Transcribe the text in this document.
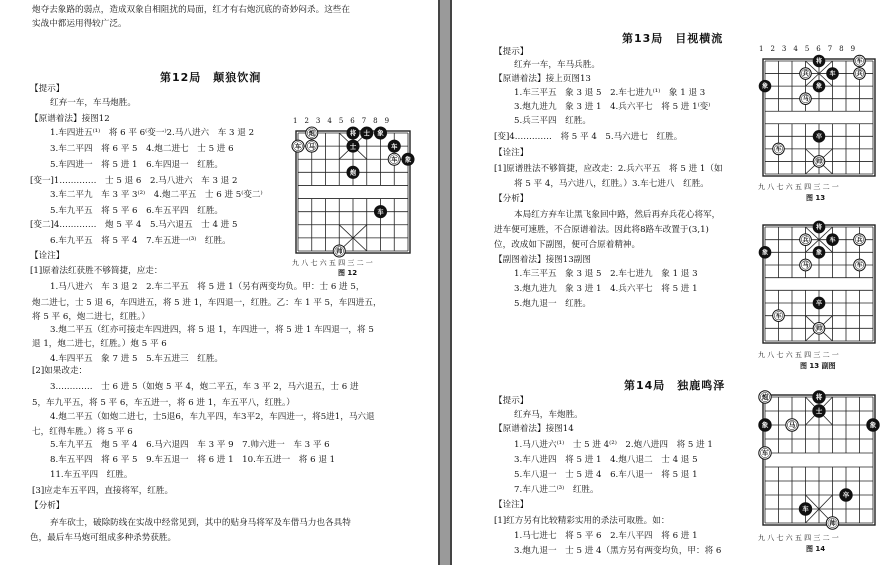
炮夺去象路的弱点，造成双象自相阻扰的局面，红才有右炮沉底的奇妙闷杀。这些在
实战中都运用得较广泛。
第12局　颠狼饮涧
【提示】
红弃一车，车马炮胜。
【原谱着法】接图12
1.车四进五⁽¹⁾　将 6 平 6⁽变一⁾2.马八进六　车 3 退 2
3.车二平四　将 6 平 5　4.炮二进七　士 5 进 6
5.车四进一　将 5 进 1　6.车四退一　红胜。
[变一]1.…………　士 5 退 6　2.马八进六　车 3 退 2
3.车二平九　车 3 平 3⁽²⁾　4.炮二平五　士 6 进 5⁽变二⁾
5.车九平五　将 5 平 6　6.车五平四　红胜。
[变二]4.…………　炮 5 平 4　5.马六退五　士 4 进 5
6.车九平五　将 5 平 4　7.车五进一⁽³⁾　红胜。
【诠注】
[1]原着法红获胜不够简捷，应走：
1.马八进六　车 3 退 2　2.车二平五　将 5 进 1（另有两变均负。甲：士 6 进 5，
炮二进七，士 5 退 6，车四进五，将 5 进 1，车四退一，红胜。乙：车 1 平 5，车四进五，
将 5 平 6，炮二进七，红胜。）
3.炮二平五（红亦可接走车四进四，将 5 退 1，车四进一，将 5 进 1 车四退一，将 5
退 1，炮二进七，红胜。）炮 5 平 6
4.车四平五　象 7 进 5　5.车五进三　红胜。
[2]如果改走：
3.…………　士 6 进 5（如炮 5 平 4，炮二平五，车 3 平 2，马六退五，士 6 进
5，车九平五，将 5 平 6，车五进一，将 6 进 1，车五平八，红胜。）
4.炮二平五（如炮二进七，士5退6，车九平四，车3平2，车四进一，将5进1，马六退
七，红得车胜。）将 5 平 6
5.车九平五　炮 5 平 4　6.马六退四　车 3 平 9　7.帅六进一　车 3 平 6
8.车五平四　将 6 平 5　9.车五退一　将 6 进 1　10.车五进一　将 6 退 1
11.车五平四　红胜。
[3]应走车五平四，直接将军，红胜。
【分析】
弃车砍士，破除防线在实战中经常见到，其中的贴身马将军及车借马力也各具特
色，最后车马炮可组成多种杀势获胜。
1　2　3　4　5　6　7　8　9
炮	将 士 象
车 马	士	车
车
炮
象
车
帅
九 八 七 六 五 四 三 二 一
图 12
第13局　目视横流
【提示】
红弃一车，车马兵胜。
【原谱着法】接上页图13
1.车三平五　象 3 退 5　2.车七进九⁽¹⁾　象 1 退 3
3.炮九进九　象 3 进 1　4.兵六平七　将 5 进 1⁽变⁾
5.兵三平四　红胜。
[变]4.…………　将 5 平 4　5.马六进七　红胜。
【诠注】
[1]原谱胜法不够简捷，应改走：2.兵六平五　将 5 进 1（如
将 5 平 4，马六进八，红胜。）3.车七进八　红胜。
【分析】
本局红方弃车让黑飞象回中路，然后再弃兵花心将军，
进车便可速胜，不合原谱着法。因此将8路车改置于(3,1)
位，改成如下副图，便可合原着精神。
【副图着法】接图13副图
1.车三平五　象 3 退 5　2.车七进九　象 1 退 3
3.炮九进九　象 3 进 1　4.兵六平七　将 5 进 1
5.炮九退一　红胜。
第14局　独鹿鸣泽
【提示】
红弃马，车炮胜。
【原谱着法】接图14
1.马八进六⁽¹⁾　士 5 进 4⁽²⁾　2.炮八进四　将 5 进 1
3.车八进四　将 5 进 1　4.炮八退二　士 4 退 5
5.车八退一　士 5 进 4　6.车八退一　将 5 退 1
7.车八进二⁽³⁾　红胜。
【诠注】
[1]红方另有比较精彩实用的杀法可取胜。如：
1.马七进七　将 5 平 6　2.车八平四　将 6 进 1
3.炮九退一　士 5 进 4（黑方另有两变均负，甲：将 6
1　2　3　4　5　6　7　8　9
将
兵	车	兵
车
象	象
马
卒
车
帅
九 八 七 六 五 四 三 二 一
图 13
将
兵	车	兵
象	象
马	车
卒
车
帅
九 八 七 六 五 四 三 二 一
图 13 副图
炮	将
士
马
象	象
车
卒
车
帅
九 八 七 六 五 四 三 二 一
图 14
